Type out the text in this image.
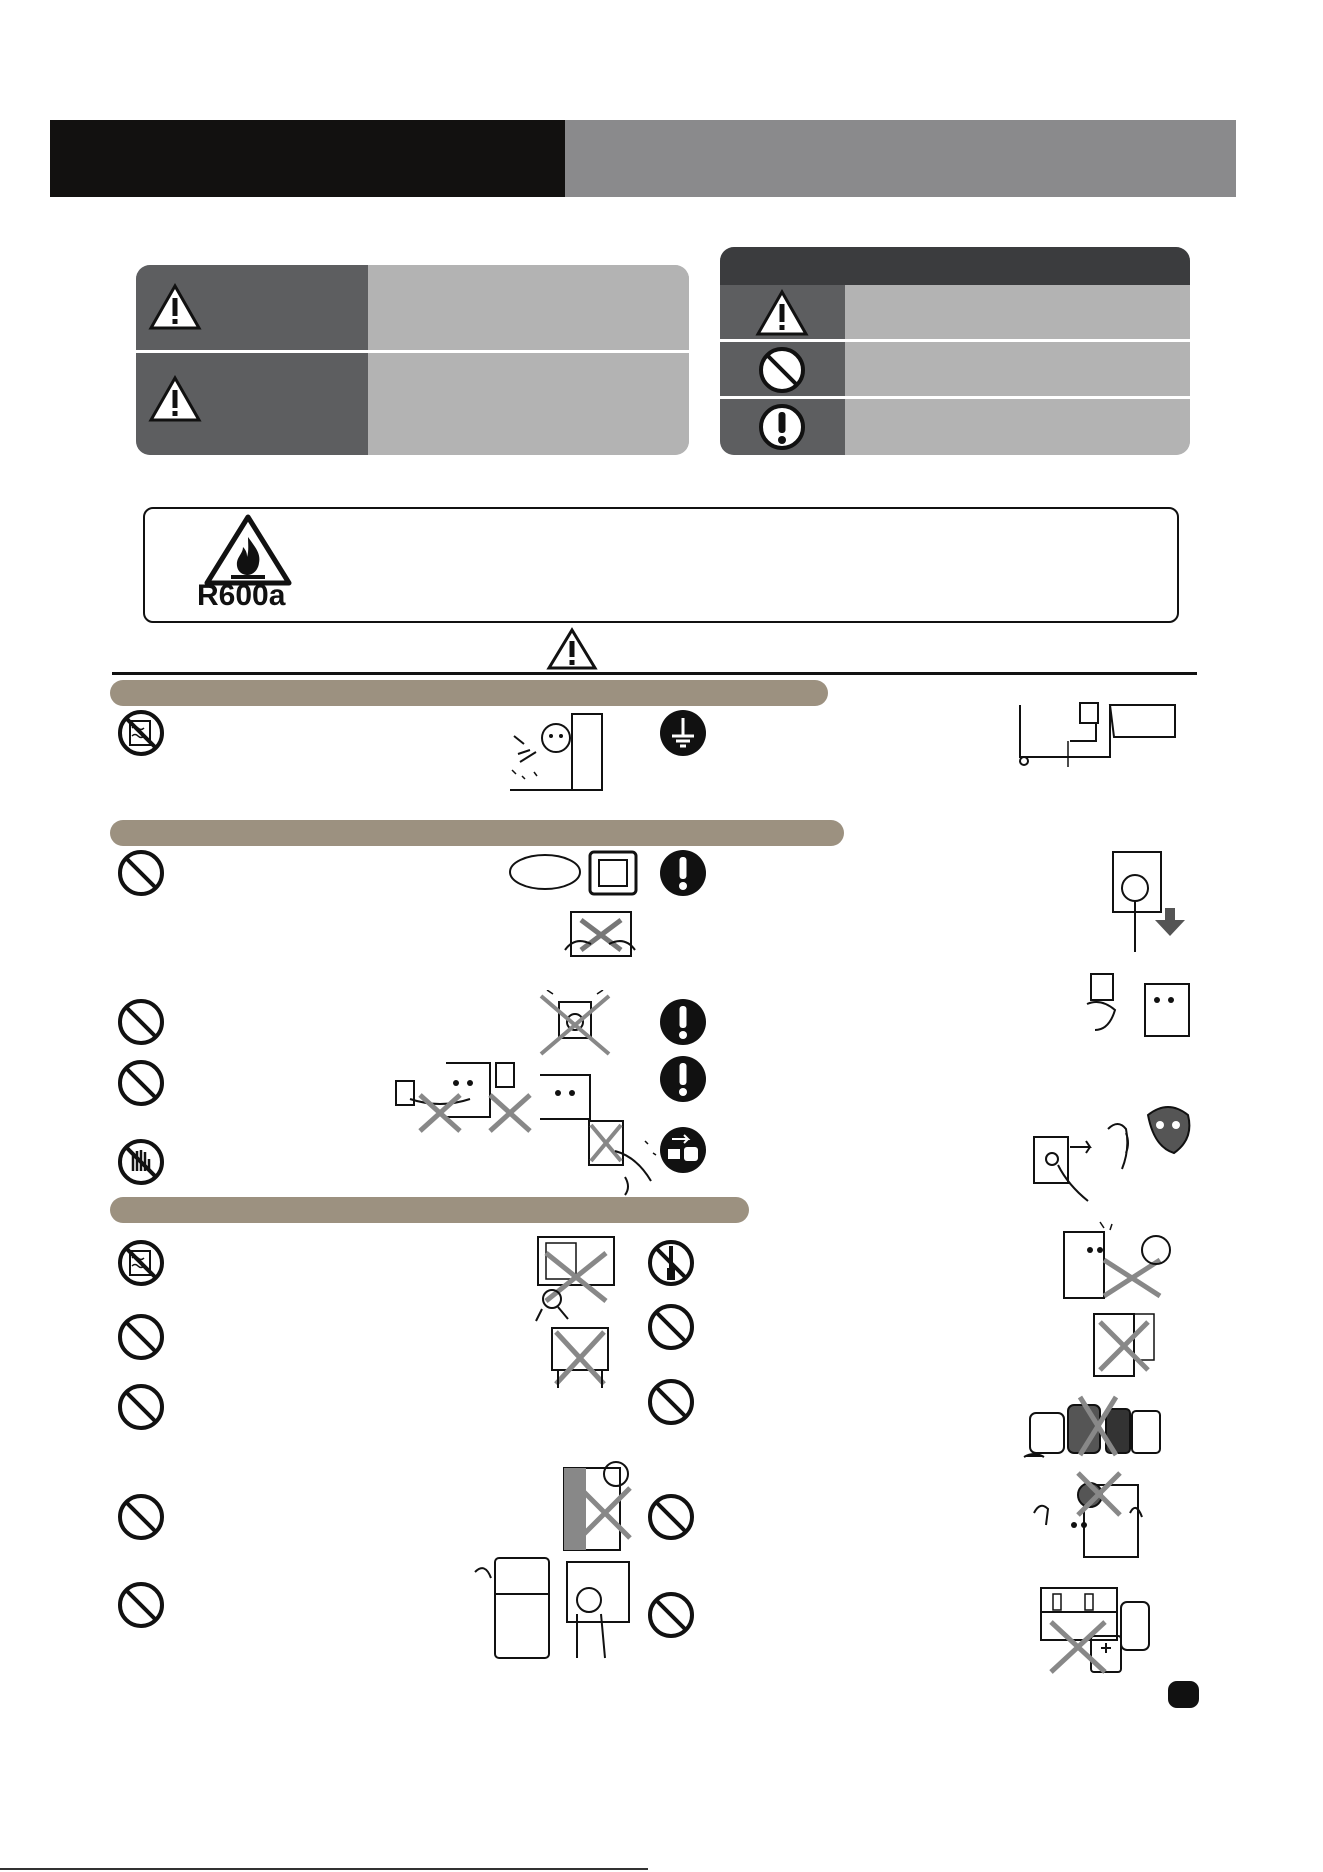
R600a
